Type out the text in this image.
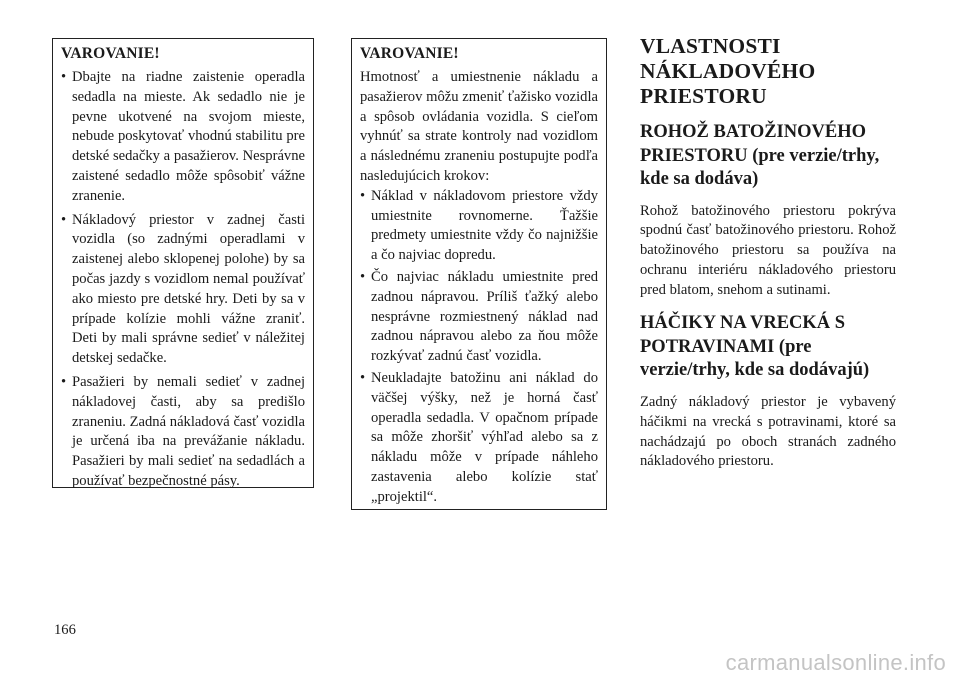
VAROVANIE!

• Dbajte na riadne zaistenie operadla sedadla na mieste. Ak sedadlo nie je pevne ukotvené na svojom mieste, nebude poskytovať vhodnú stabilitu pre detské sedačky a pasažierov. Nesprávne zaistené sedadlo môže spôsobiť vážne zranenie.
• Nákladový priestor v zadnej časti vozidla (so zadnými operadlami v zaistenej alebo sklopenej polohe) by sa počas jazdy s vozidlom nemal používať ako miesto pre detské hry. Deti by sa v prípade kolízie mohli vážne zraniť. Deti by mali správne sedieť v náležitej detskej sedačke.
• Pasažieri by nemali sedieť v zadnej nákladovej časti, aby sa predišlo zraneniu. Zadná nákladová časť vozidla je určená iba na prevážanie nákladu. Pasažieri by mali sedieť na sedadlách a používať bezpečnostné pásy.

VAROVANIE!

Hmotnosť a umiestnenie nákladu a pasažierov môžu zmeniť ťažisko vozidla a spôsob ovládania vozidla. S cieľom vyhnúť sa strate kontroly nad vozidlom a následnému zraneniu postupujte podľa nasledujúcich krokov:

• Náklad v nákladovom priestore vždy umiestnite rovnomerne. Ťažšie predmety umiestnite vždy čo najnižšie a čo najviac dopredu.
• Čo najviac nákladu umiestnite pred zadnou nápravou. Príliš ťažký alebo nesprávne rozmiestnený náklad nad zadnou nápravou alebo za ňou môže rozkývať zadnú časť vozidla.
• Neukladajte batožinu ani náklad do väčšej výšky, než je horná časť operadla sedadla. V opačnom prípade sa môže zhoršiť výhľad alebo sa z nákladu môže v prípade náhleho zastavenia alebo kolízie stať „projektil“.
VLASTNOSTI NÁKLADOVÉHO PRIESTORU
ROHOŽ BATOŽINOVÉHO PRIESTORU (pre verzie/trhy, kde sa dodáva)

Rohož batožinového priestoru pokrýva spodnú časť batožinového priestoru. Rohož batožinového priestoru sa používa na ochranu interiéru nákladového priestoru pred blatom, snehom a sutinami.

HÁČIKY NA VRECKÁ S POTRAVINAMI (pre verzie/trhy, kde sa dodávajú)

Zadný nákladový priestor je vybavený háčikmi na vrecká s potravinami, ktoré sa nachádzajú po oboch stranách zadného nákladového priestoru.

166
carmanualsonline.info
